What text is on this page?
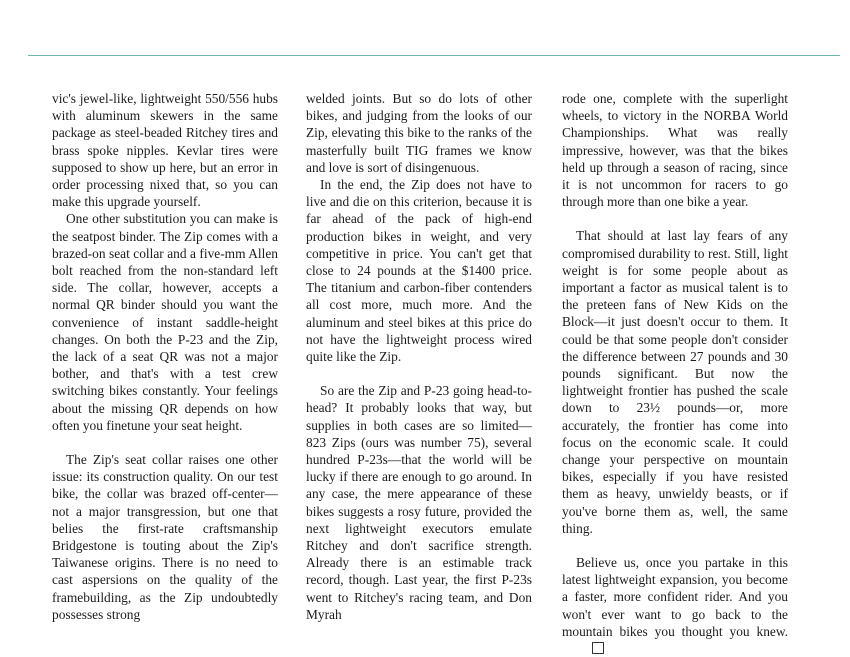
vic's jewel-like, lightweight 550/556 hubs with aluminum skewers in the same package as steel-beaded Ritchey tires and brass spoke nipples. Kevlar tires were supposed to show up here, but an error in order processing nixed that, so you can make this upgrade yourself.

One other substitution you can make is the seatpost binder. The Zip comes with a brazed-on seat collar and a five-mm Allen bolt reached from the non-standard left side. The collar, however, accepts a normal QR binder should you want the convenience of instant saddle-height changes. On both the P-23 and the Zip, the lack of a seat QR was not a major bother, and that's with a test crew switching bikes constantly. Your feelings about the missing QR depends on how often you finetune your seat height.

The Zip's seat collar raises one other issue: its construction quality. On our test bike, the collar was brazed off-center—not a major transgression, but one that belies the first-rate craftsmanship Bridgestone is touting about the Zip's Taiwanese origins. There is no need to cast aspersions on the quality of the framebuilding, as the Zip undoubtedly possesses strong

welded joints. But so do lots of other bikes, and judging from the looks of our Zip, elevating this bike to the ranks of the masterfully built TIG frames we know and love is sort of disingenuous.

In the end, the Zip does not have to live and die on this criterion, because it is far ahead of the pack of high-end production bikes in weight, and very competitive in price. You can't get that close to 24 pounds at the $1400 price. The titanium and carbon-fiber contenders all cost more, much more. And the aluminum and steel bikes at this price do not have the lightweight process wired quite like the Zip.

So are the Zip and P-23 going head-to-head? It probably looks that way, but supplies in both cases are so limited—823 Zips (ours was number 75), several hundred P-23s—that the world will be lucky if there are enough to go around. In any case, the mere appearance of these bikes suggests a rosy future, provided the next lightweight executors emulate Ritchey and don't sacrifice strength. Already there is an estimable track record, though. Last year, the first P-23s went to Ritchey's racing team, and Don Myrah

rode one, complete with the superlight wheels, to victory in the NORBA World Championships. What was really impressive, however, was that the bikes held up through a season of racing, since it is not uncommon for racers to go through more than one bike a year.

That should at last lay fears of any compromised durability to rest. Still, light weight is for some people about as important a factor as musical talent is to the preteen fans of New Kids on the Block—it just doesn't occur to them. It could be that some people don't consider the difference between 27 pounds and 30 pounds significant. But now the lightweight frontier has pushed the scale down to 23½ pounds—or, more accurately, the frontier has come into focus on the economic scale. It could change your perspective on mountain bikes, especially if you have resisted them as heavy, unwieldy beasts, or if you've borne them as, well, the same thing.

Believe us, once you partake in this latest lightweight expansion, you become a faster, more confident rider. And you won't ever want to go back to the mountain bikes you thought you knew.
